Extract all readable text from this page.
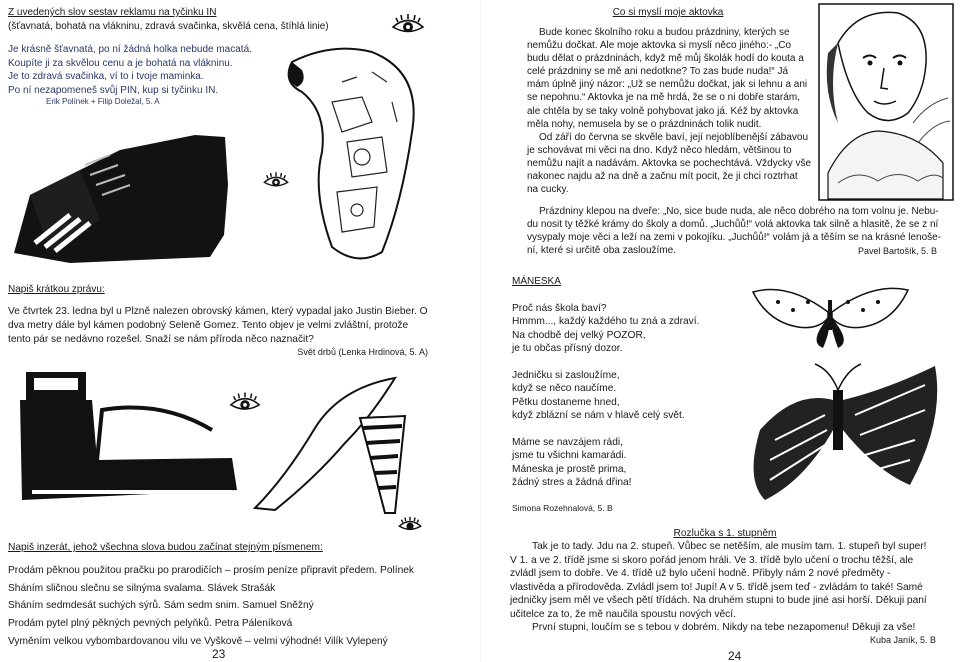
Z uvedených slov sestav reklamu na tyčinku IN

(šťavnatá, bohatá na vlákninu, zdravá svačinka, skvělá cena, štíhlá linie)

Je krásně šťavnatá, po ní žádná holka nebude macatá.

Koupíte ji za skvělou cenu a je bohatá na vlákninu.

Je to zdravá svačinka, ví to i tvoje maminka.

Po ní nezapomeneš svůj PIN, kup si tyčinku IN.

Erik Polínek + Filip Doležal, 5. A

Napiš krátkou zprávu:

Ve čtvrtek 23. ledna byl u Plzně nalezen obrovský kámen, který vypadal jako Justin Bieber. O dva metry dále byl kámen podobný Seleně Gomez. Tento objev je velmi zvláštní, protože tento pár se nedávno rozešel. Snaží se nám příroda něco naznačit?

Svět drbů (Lenka Hrdinová, 5. A)

Napiš inzerát, jehož všechna slova budou začínat stejným písmenem:

Prodám pěknou použitou pračku po prarodičích – prosím peníze připravit předem. Polínek

Sháním sličnou slečnu se silnýma svalama. Slávek Strašák

Sháním sedmdesát suchých sýrů. Sám sedm snim. Samuel Sněžný

Prodám pytel plný pěkných pevných pelyňků. Petra Páleníková

Vyměním velkou vybombardovanou vilu ve Vyškově – velmi výhodné! Vilík Vylepený

23

Co si myslí moje aktovka

Bude konec školního roku a budou prázdniny, kterých se

nemůžu dočkat. Ale moje aktovka si myslí něco jiného:- „Co

budu dělat o prázdninách, když mě můj školák hodí do kouta a

celé prázdniny se mě ani nedotkne? To zas bude nuda!“ Já

mám úplně jiný názor: „Už se nemůžu dočkat, jak si lehnu a ani

se nepohnu.“ Aktovka je na mě hrdá, že se o ni dobře starám,

ale chtěla by se taky volně pohybovat jako já. Kéž by aktovka

měla nohy, nemusela by se o prázdninách tolik nudit.

Od září do června se skvěle baví, její nejoblíbenější zábavou

je schovávat mi věci na dno. Když něco hledám, většinou to

nemůžu najít a nadávám. Aktovka se pochechtává. Vždycky vše

nakonec najdu až na dně a začnu mít pocit, že ji chci roztrhat

na cucky.

Prázdniny klepou na dveře: „No, sice bude nuda, ale něco dobrého na tom volnu je. Nebu-

du nosit ty těžké krámy do školy a domů. „Juchůů!“ volá aktovka tak silně a hlasitě, že se z ní

vysypaly moje věci a leží na zemi v pokojíku. „Juchůů!“ volám já a těším se na krásné lenoše-

ní, které si určitě oba zasloužíme.	Pavel Bartošík, 5. B

MÁNESKA

Proč nás škola baví?

Hmmm..., každý každého tu zná a zdraví.

Na chodbě dej velký POZOR,

je tu občas přísný dozor.

Jedničku si zasloužíme,

když se něco naučíme.

Pětku dostaneme hned,

když zblázní se nám v hlavě celý svět.

Máme se navzájem rádi,

jsme tu všichni kamarádi.

Máneska je prostě prima,

žádný stres a žádná dřina!

Simona Rozehnalová, 5. B

Rozlučka s 1. stupněm

Tak je to tady. Jdu na 2. stupeň. Vůbec se netěším, ale musím tam. 1. stupeň byl super!

V 1. a ve 2. třídě jsme si skoro pořád jenom hráli. Ve 3. třídě bylo učení o trochu těžší, ale

zvládl jsem to dobře. Ve 4. třídě už bylo učení hodně. Přibyly nám 2 nové předměty -

vlastivěda a přírodověda. Zvládl jsem to! Jupí! A v 5. třídě jsem teď - zvládám to také! Samé

jedničky jsem měl ve všech pětí třídách. Na druhém stupni to bude jiné asi horší. Děkuji paní

učitelce za to, že mě naučila spoustu nových věcí.

První stupni, loučím se s tebou v dobrém. Nikdy na tebe nezapomenu! Děkuji za vše!

Kuba Janík, 5. B

24
